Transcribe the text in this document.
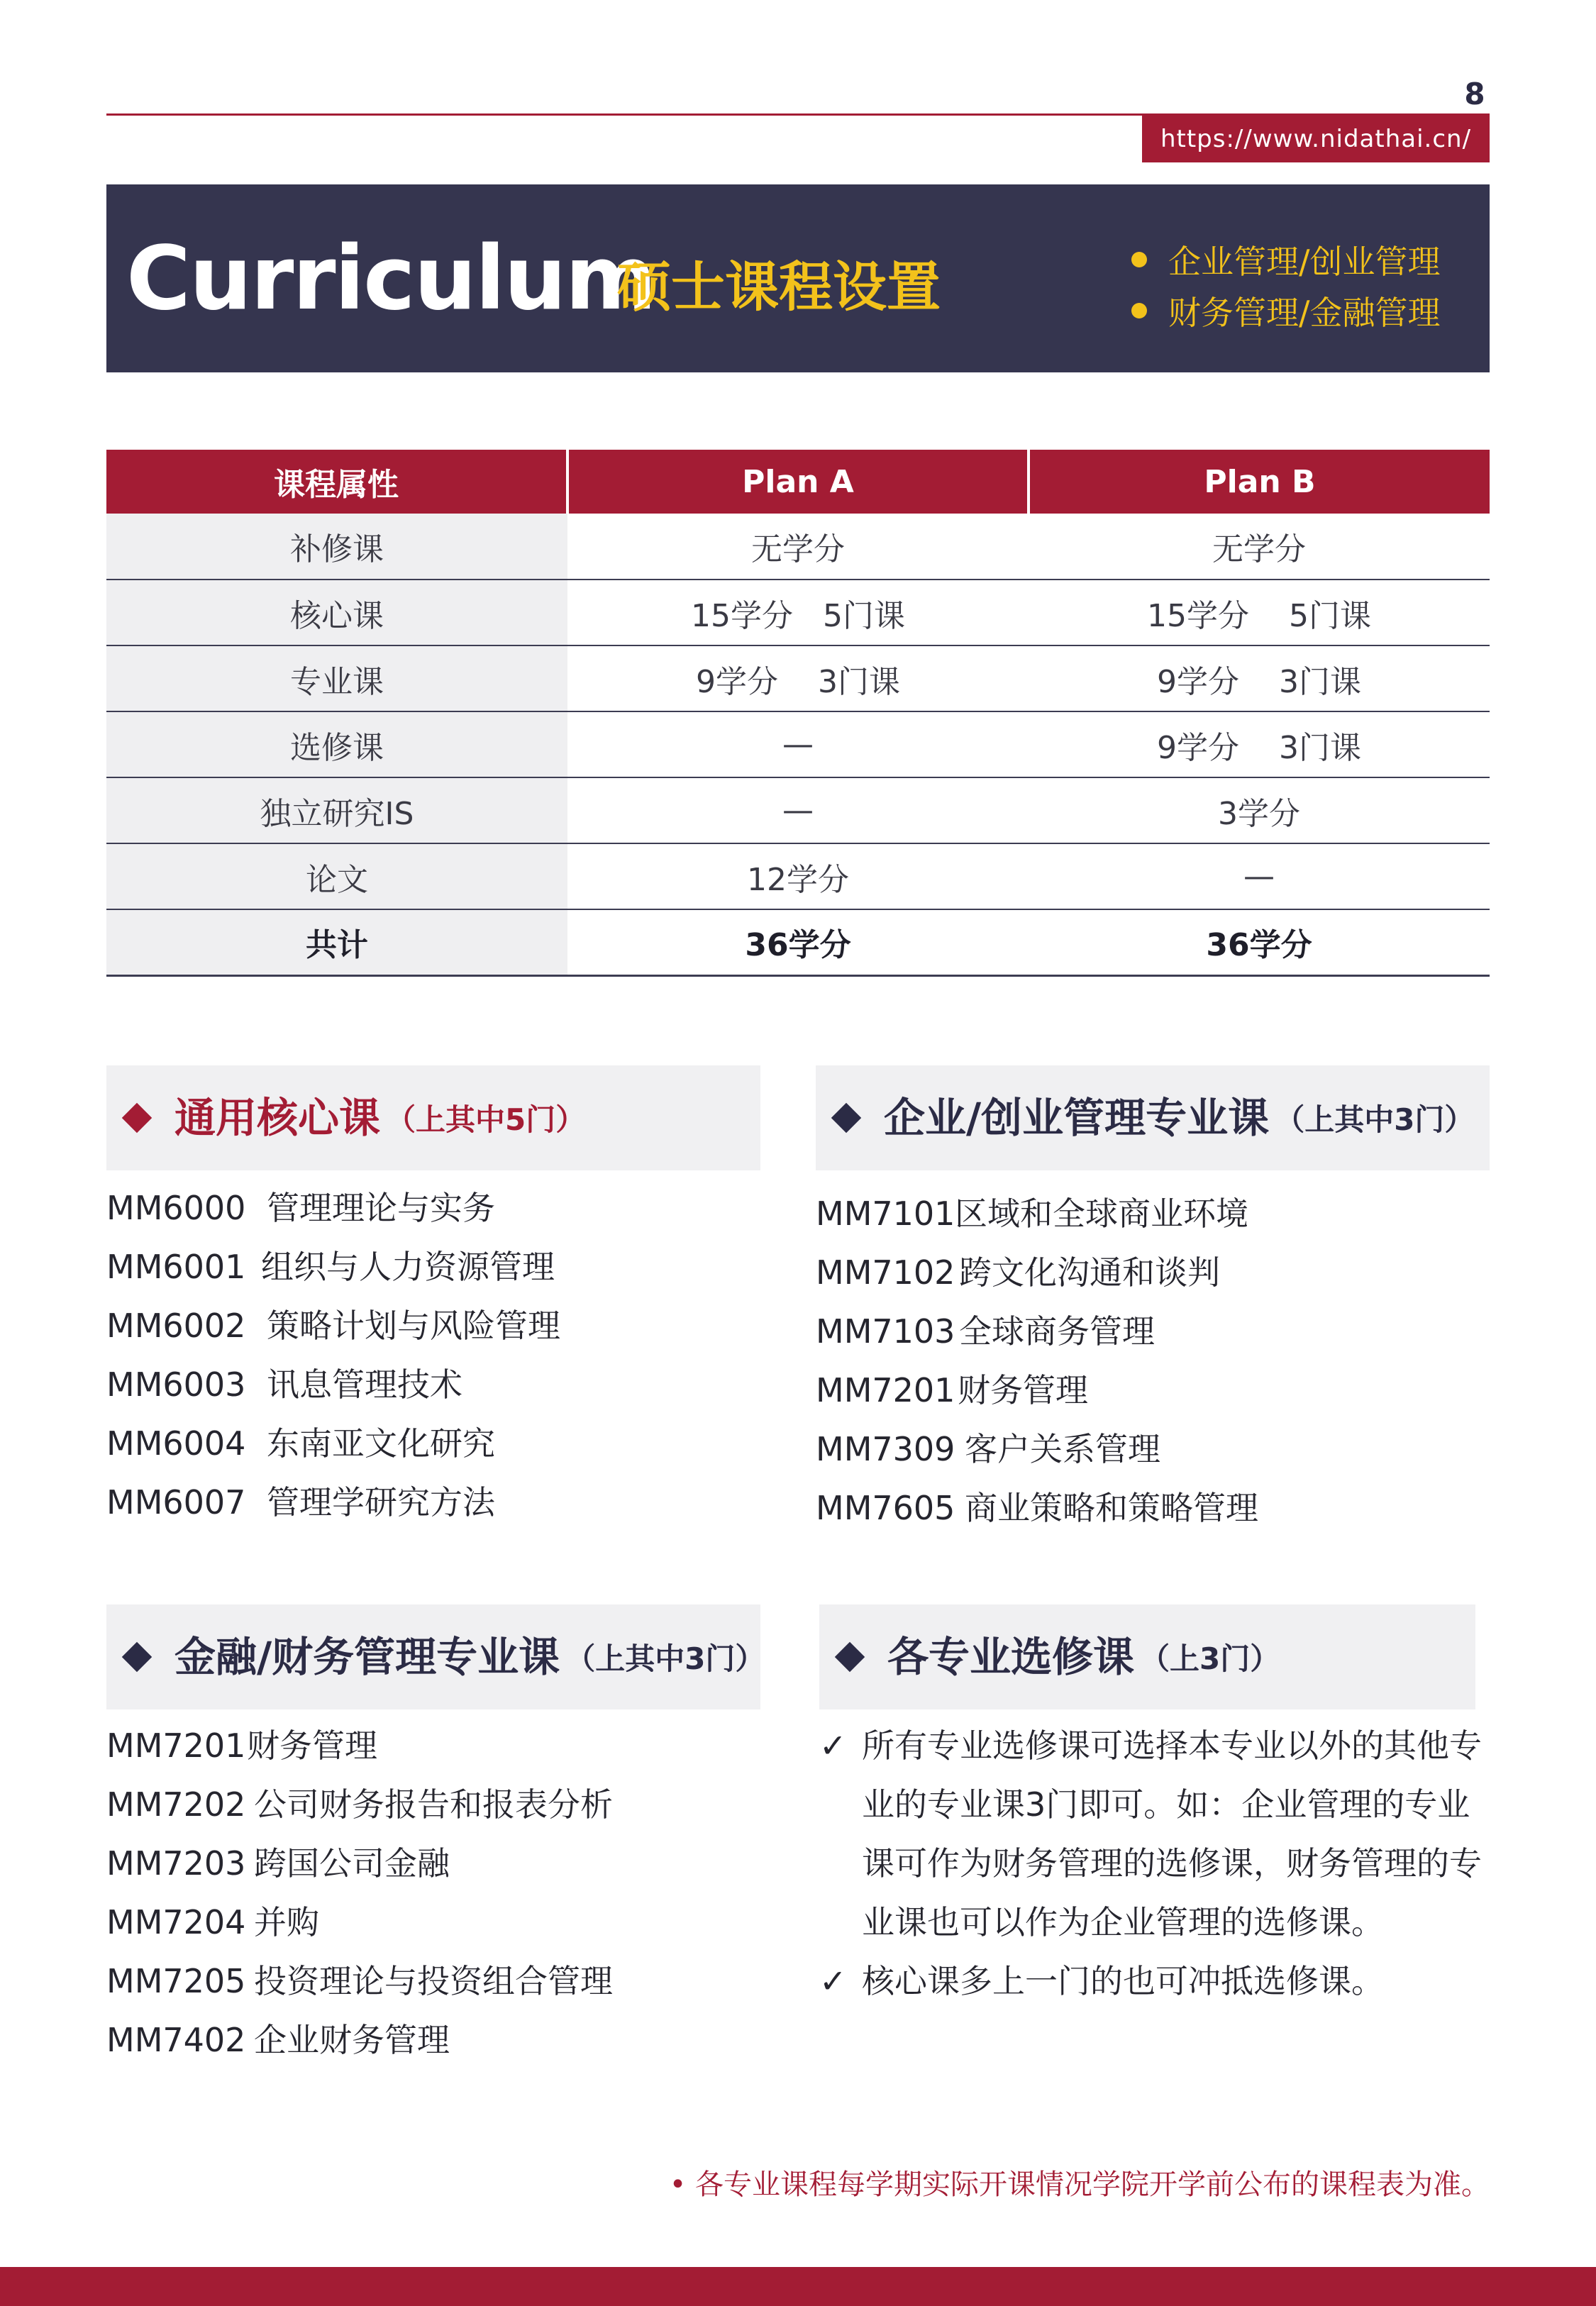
8
https://www.nidathai.cn/
Curriculum
硕士课程设置	企业管理/创业管理
财务管理/金融管理
课程属性	Plan A	Plan B
补修课	无学分	无学分
核心课	15学分   5门课	15学分    5门课
专业课	9学分    3门课	9学分    3门课
选修课	—	9学分    3门课
独立研究IS	—	3学分
论文	12学分	—
共计	36学分	36学分
通用核心课 （上其中5门）
MM6000 管理理论与实务
MM6001 组织与人力资源管理
MM6002 策略计划与风险管理
MM6003 讯息管理技术
MM6004 东南亚文化研究
MM6007 管理学研究方法
企业/创业管理专业课 （上其中3门）
MM7101 区域和全球商业环境
MM7102 跨文化沟通和谈判
MM7103 全球商务管理
MM7201 财务管理
MM7309 客户关系管理
MM7605 商业策略和策略管理
金融/财务管理专业课 （上其中3门）
MM7201 财务管理
MM7202 公司财务报告和报表分析
MM7203 跨国公司金融
MM7204 并购
MM7205 投资理论与投资组合管理
MM7402 企业财务管理
各专业选修课 （上3门）
✓ 所有专业选修课可选择本专业以外的其他专业的专业课3门即可。如：企业管理的专业课可作为财务管理的选修课，财务管理的专业课也可以作为企业管理的选修课。
✓ 核心课多上一门的也可冲抵选修课。
• 各专业课程每学期实际开课情况学院开学前公布的课程表为准。
